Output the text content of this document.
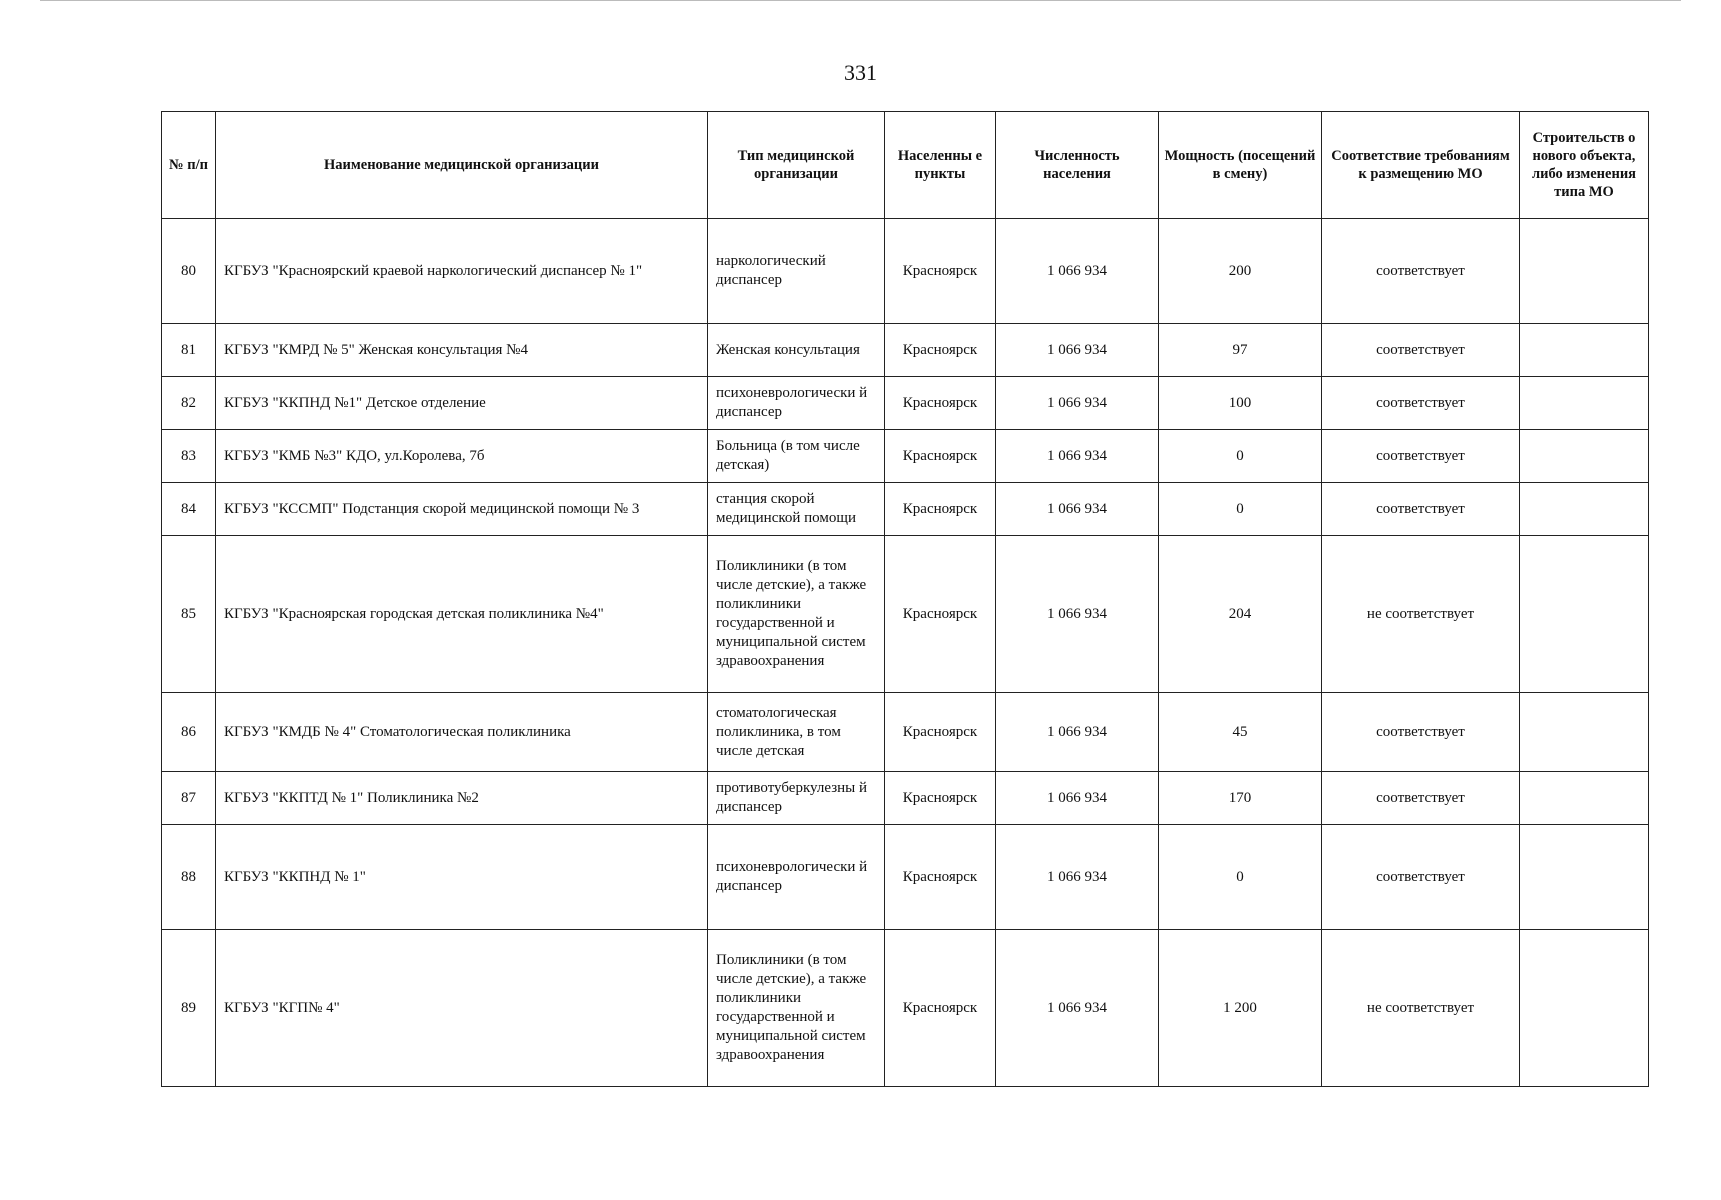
331
№ п/п	Наименование медицинской организации	Тип медицинской организации	Населенны е пункты	Численность населения	Мощность (посещений в смену)	Соответствие требованиям к размещению МО	Строительств о нового объекта, либо изменения типа МО
80	КГБУЗ "Красноярский краевой наркологический диспансер № 1"	наркологический диспансер	Красноярск	1 066 934	200	соответствует	
81	КГБУЗ "КМРД № 5" Женская консультация №4	Женская консультация	Красноярск	1 066 934	97	соответствует	
82	КГБУЗ "ККПНД №1" Детское отделение	психоневрологически й диспансер	Красноярск	1 066 934	100	соответствует	
83	КГБУЗ "КМБ №3" КДО, ул.Королева, 7б	Больница (в том числе детская)	Красноярск	1 066 934	0	соответствует	
84	КГБУЗ "КССМП" Подстанция скорой медицинской помощи № 3	станция скорой медицинской помощи	Красноярск	1 066 934	0	соответствует	
85	КГБУЗ "Красноярская городская детская поликлиника №4"	Поликлиники (в том числе детские), а также поликлиники государственной и муниципальной систем здравоохранения	Красноярск	1 066 934	204	не соответствует	
86	КГБУЗ "КМДБ № 4" Стоматологическая поликлиника	стоматологическая поликлиника, в том числе детская	Красноярск	1 066 934	45	соответствует	
87	КГБУЗ "ККПТД № 1" Поликлиника №2	противотуберкулезны й диспансер	Красноярск	1 066 934	170	соответствует	
88	КГБУЗ "ККПНД № 1"	психоневрологически й диспансер	Красноярск	1 066 934	0	соответствует	
89	КГБУЗ "КГП№ 4"	Поликлиники (в том числе детские), а также поликлиники государственной и муниципальной систем здравоохранения	Красноярск	1 066 934	1 200	не соответствует	
